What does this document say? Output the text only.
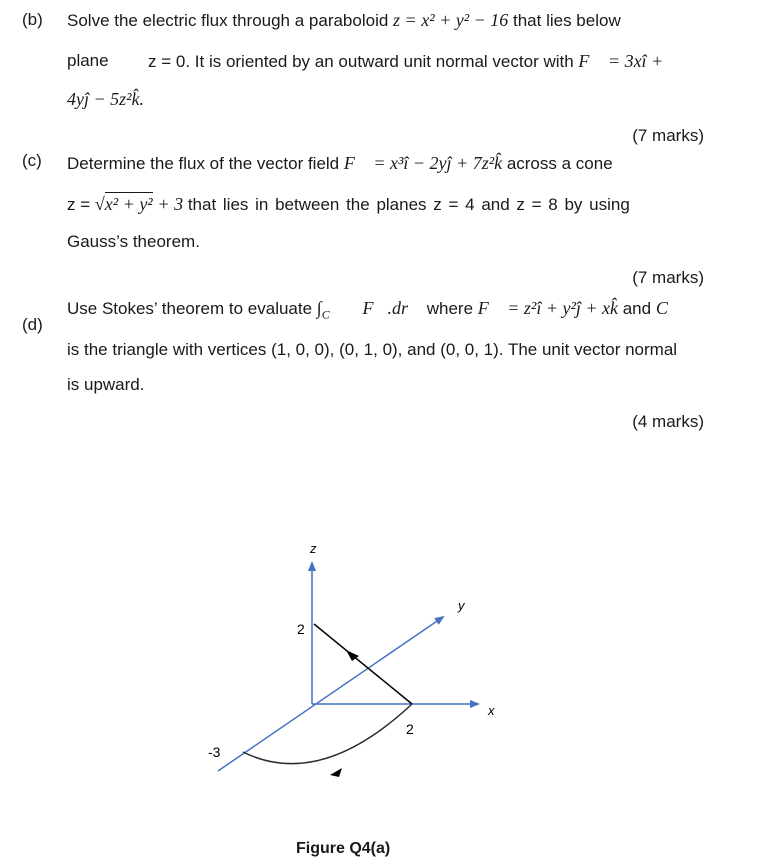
(b) Solve the electric flux through a paraboloid z = x² + y² − 16 that lies below
plane z = 0. It is oriented by an outward unit normal vector with F⃗ = 3xî +
4yĵ − 5z²k̂.
(7 marks)
(c) Determine the flux of the vector field F⃗ = x³î − 2yĵ + 7z²k̂ across a cone
z = √x² + y² + 3 that lies in between the planes z = 4 and z = 8 by using
Gauss’s theorem.
(7 marks)
(d)
Use Stokes’ theorem to evaluate $\int_C$ F⃗.dr⃗ where F⃗ = z²î + y²ĵ + xk̂ and C
is the triangle with vertices (1, 0, 0), (0, 1, 0), and (0, 0, 1). The unit vector normal
is upward.
(4 marks)
z
y
x
2
2
-3
Figure Q4(a)
